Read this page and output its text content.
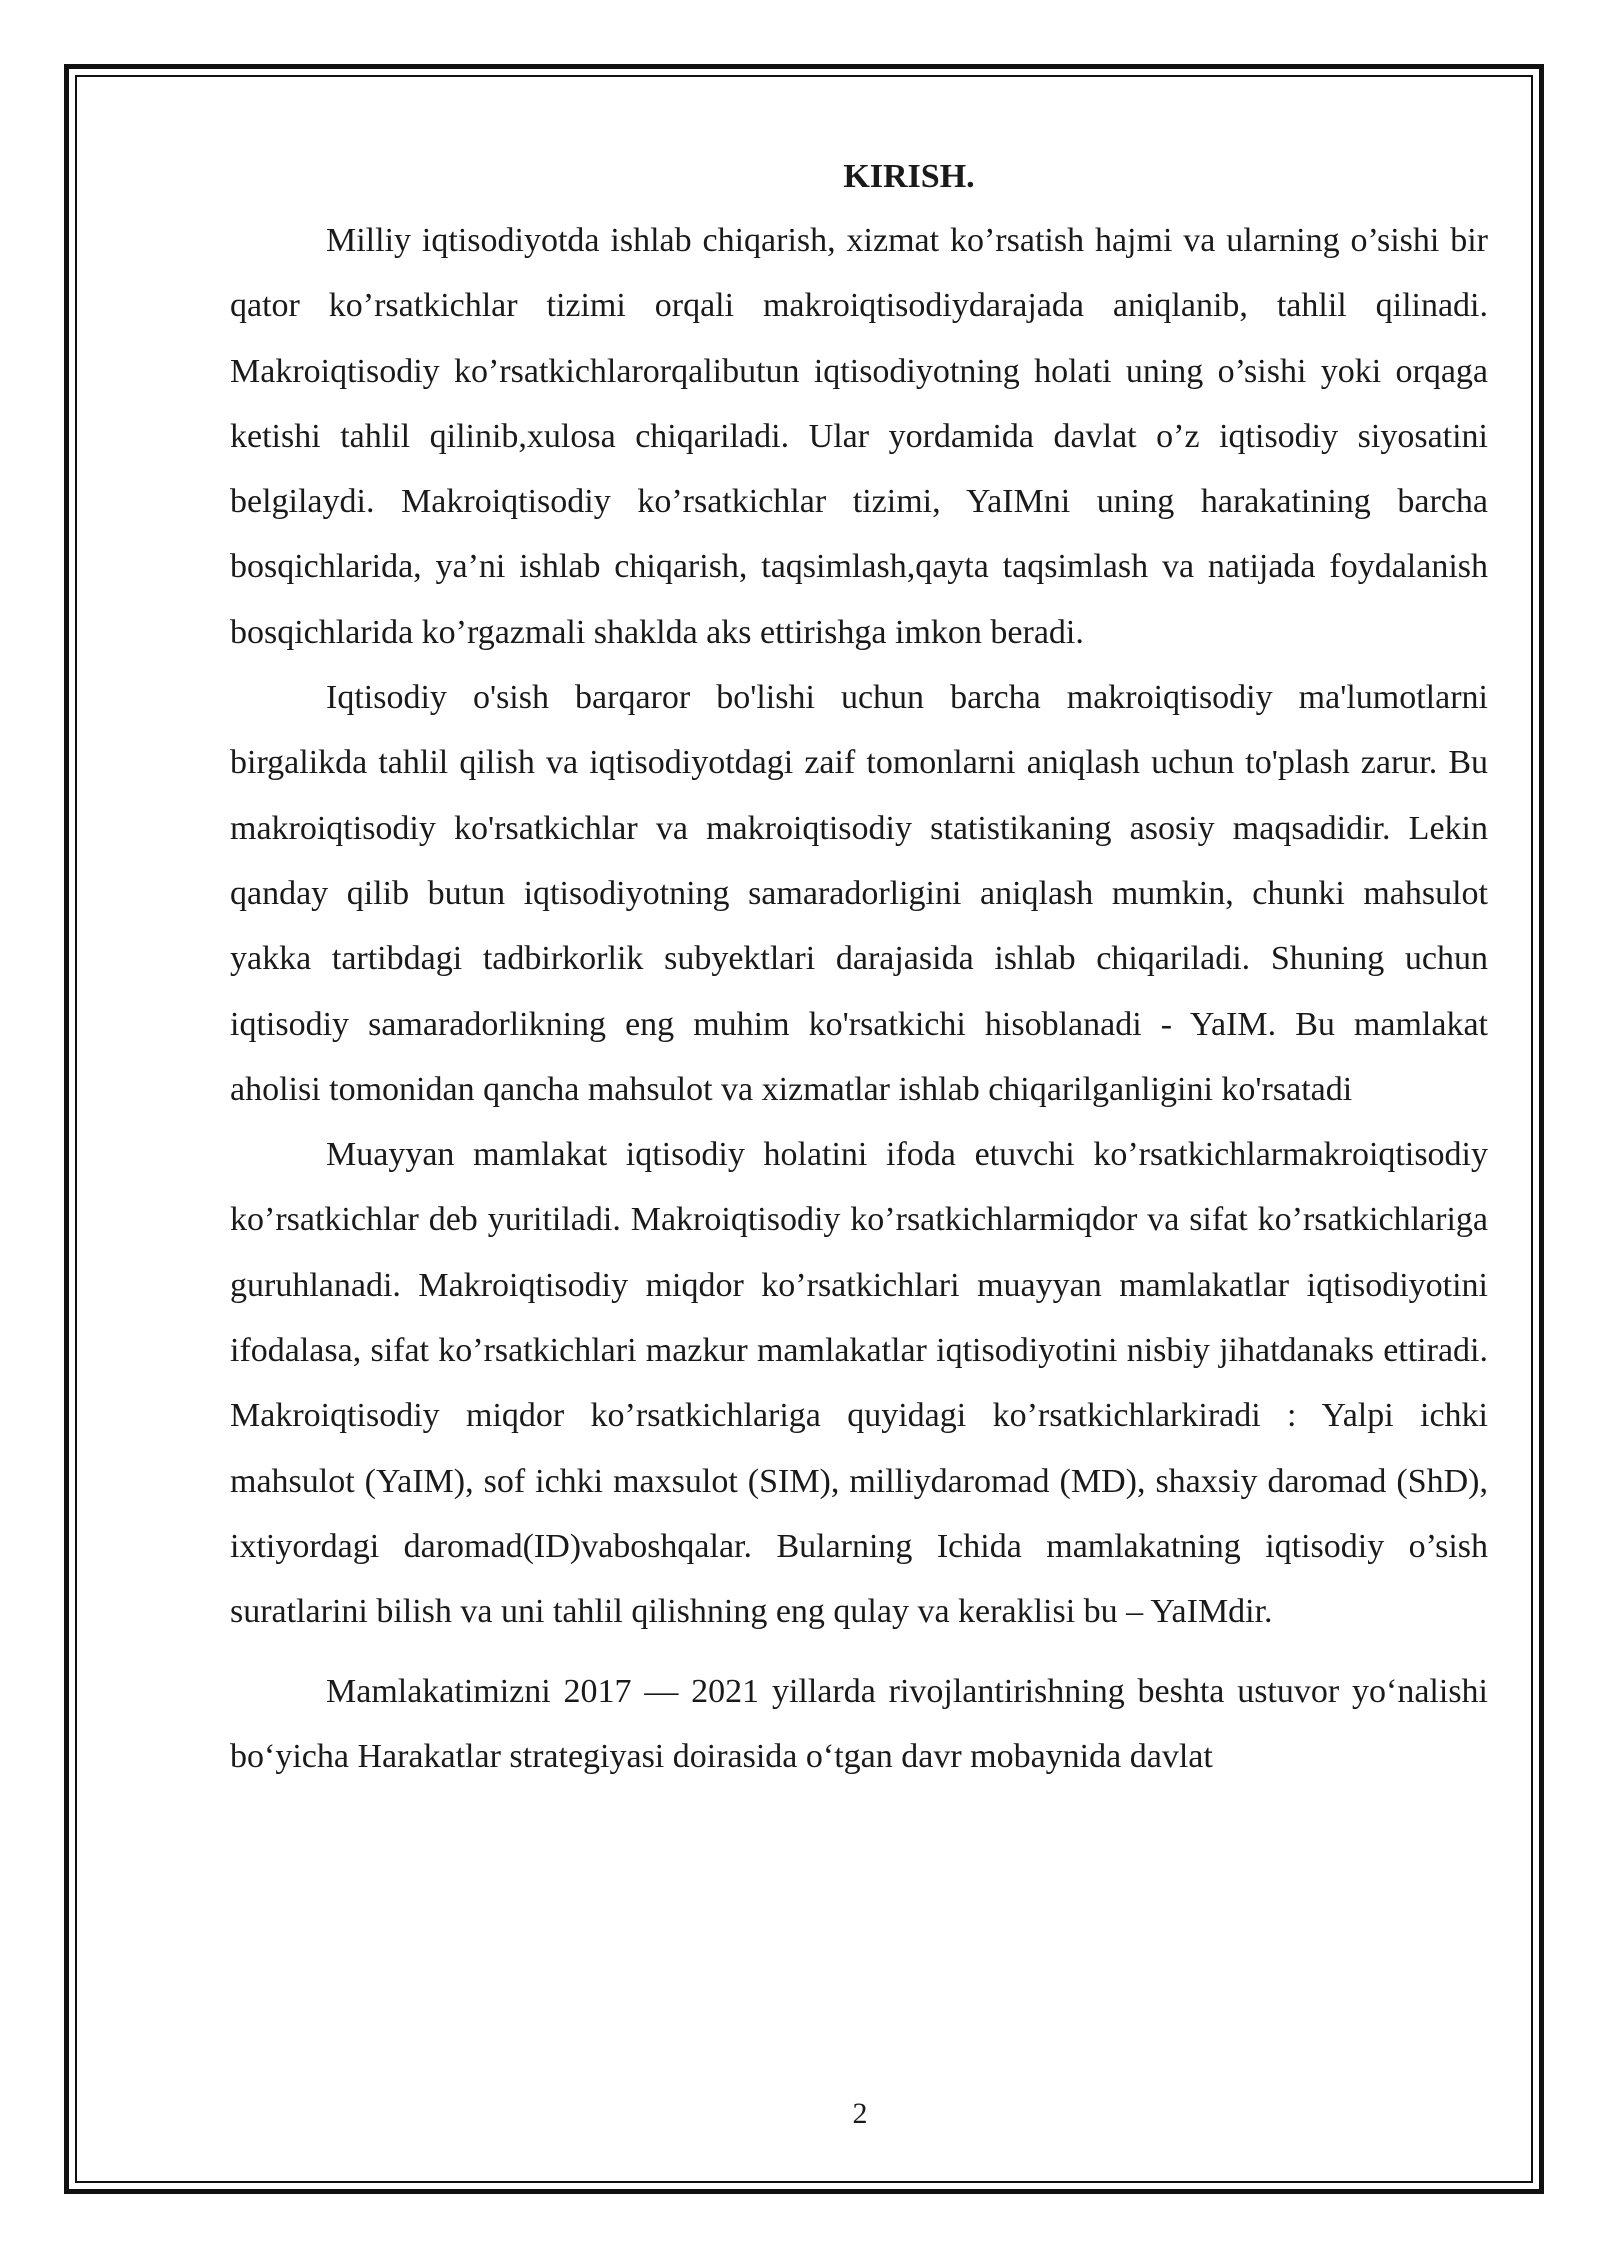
KIRISH.

Milliy iqtisodiyotda ishlab chiqarish, xizmat ko’rsatish hajmi va ularning o’sishi bir qator ko’rsatkichlar tizimi orqali makroiqtisodiydarajada aniqlanib, tahlil qilinadi. Makroiqtisodiy ko’rsatkichlarorqalibutun iqtisodiyotning holati uning o’sishi yoki orqaga ketishi tahlil qilinib,xulosa chiqariladi. Ular yordamida davlat o’z iqtisodiy siyosatini belgilaydi. Makroiqtisodiy ko’rsatkichlar tizimi, YaIMni uning harakatining barcha bosqichlarida, ya’ni ishlab chiqarish, taqsimlash,qayta taqsimlash va natijada foydalanish bosqichlarida ko’rgazmali shaklda aks ettirishga imkon beradi.

Iqtisodiy o'sish barqaror bo'lishi uchun barcha makroiqtisodiy ma'lumotlarni birgalikda tahlil qilish va iqtisodiyotdagi zaif tomonlarni aniqlash uchun to'plash zarur. Bu makroiqtisodiy ko'rsatkichlar va makroiqtisodiy statistikaning asosiy maqsadidir. Lekin qanday qilib butun iqtisodiyotning samaradorligini aniqlash mumkin, chunki mahsulot yakka tartibdagi tadbirkorlik subyektlari darajasida ishlab chiqariladi. Shuning uchun iqtisodiy samaradorlikning eng muhim ko'rsatkichi hisoblanadi - YaIM. Bu mamlakat aholisi tomonidan qancha mahsulot va xizmatlar ishlab chiqarilganligini ko'rsatadi

Muayyan mamlakat iqtisodiy holatini ifoda etuvchi ko’rsatkichlarmakroiqtisodiy ko’rsatkichlar deb yuritiladi. Makroiqtisodiy ko’rsatkichlarmiqdor va sifat ko’rsatkichlariga guruhlanadi. Makroiqtisodiy miqdor ko’rsatkichlari muayyan mamlakatlar iqtisodiyotini ifodalasa, sifat ko’rsatkichlari mazkur mamlakatlar iqtisodiyotini nisbiy jihatdanaks ettiradi. Makroiqtisodiy miqdor ko’rsatkichlariga quyidagi ko’rsatkichlarkiradi : Yalpi ichki mahsulot (YaIM), sof ichki maxsulot (SIM), milliydaromad (MD), shaxsiy daromad (ShD), ixtiyordagi daromad(ID)vaboshqalar. Bularning Ichida mamlakatning iqtisodiy o’sish suratlarini bilish va uni tahlil qilishning eng qulay va keraklisi bu – YaIMdir.

Mamlakatimizni 2017 — 2021 yillarda rivojlantirishning beshta ustuvor yo‘nalishi bo‘yicha Harakatlar strategiyasi doirasida o‘tgan davr mobaynida davlat

2
